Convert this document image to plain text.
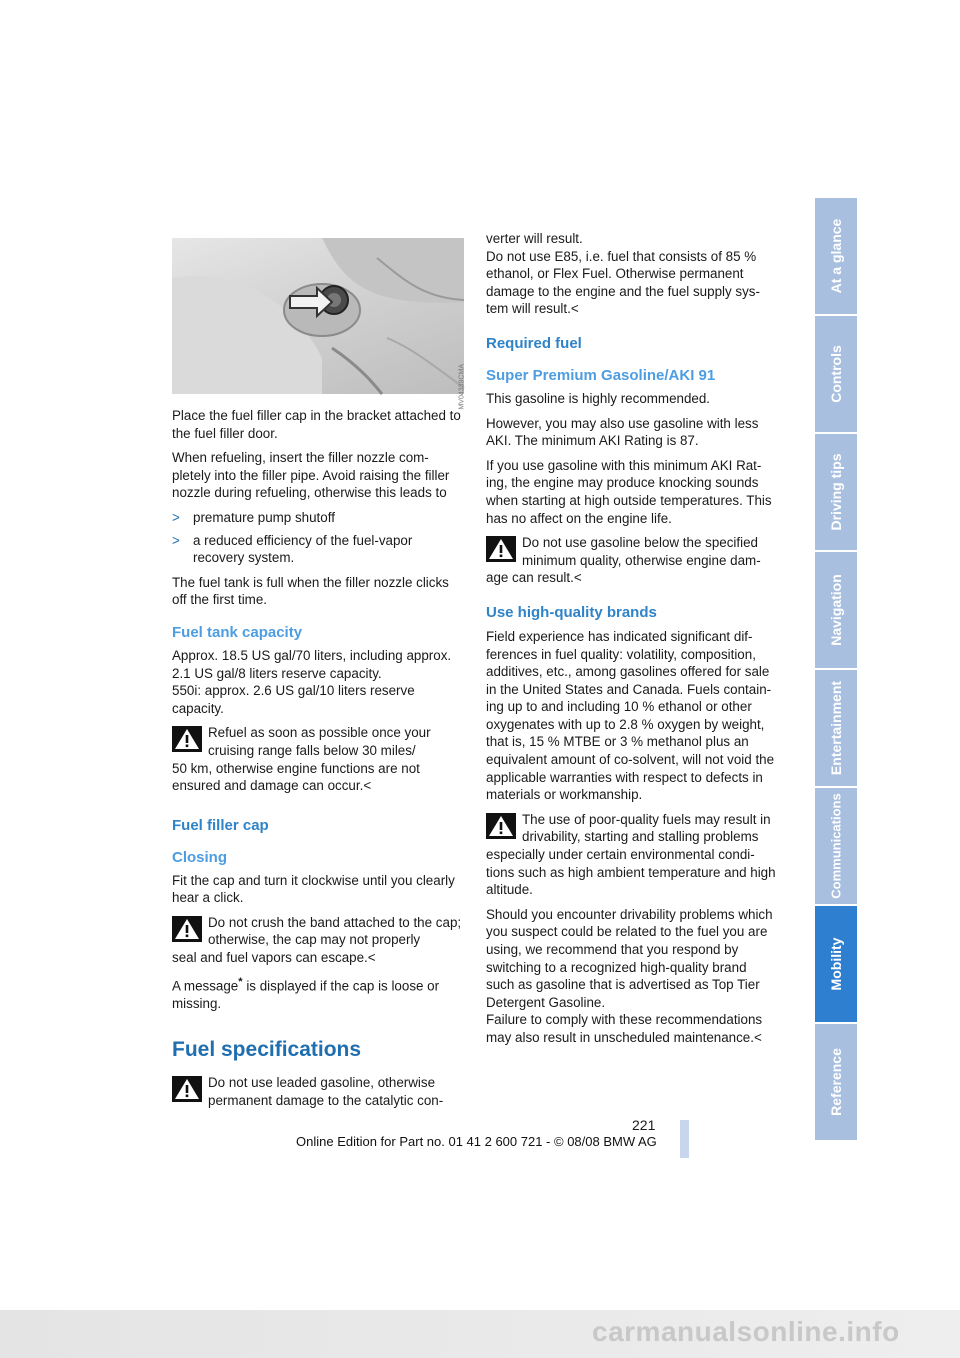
MV04339CMA

Place the fuel filler cap in the bracket attached to the fuel filler door.

When refueling, insert the filler nozzle com-pletely into the filler pipe. Avoid raising the filler nozzle during refueling, otherwise this leads to

> premature pump shutoff
> a reduced efficiency of the fuel-vapor recovery system.

The fuel tank is full when the filler nozzle clicks off the first time.

Fuel tank capacity

Approx. 18.5 US gal/70 liters, including approx. 2.1 US gal/8 liters reserve capacity.

550i: approx. 2.6 US gal/10 liters reserve capacity.

Refuel as soon as possible once your cruising range falls below 30 miles/
50 km, otherwise engine functions are not ensured and damage can occur.<

Fuel filler cap
Closing

Fit the cap and turn it clockwise until you clearly hear a click.

Do not crush the band attached to the cap; otherwise, the cap may not properly
seal and fuel vapors can escape.<

A message* is displayed if the cap is loose or missing.

Fuel specifications

Do not use leaded gasoline, otherwise permanent damage to the catalytic con-

verter will result.

Do not use E85, i.e. fuel that consists of 85 % ethanol, or Flex Fuel. Otherwise permanent damage to the engine and the fuel supply sys-tem will result.<

Required fuel
Super Premium Gasoline/AKI 91

This gasoline is highly recommended.

However, you may also use gasoline with less AKI. The minimum AKI Rating is 87.

If you use gasoline with this minimum AKI Rat-ing, the engine may produce knocking sounds when starting at high outside temperatures. This has no affect on the engine life.

Do not use gasoline below the specified minimum quality, otherwise engine dam-
age can result.<

Use high-quality brands

Field experience has indicated significant dif-ferences in fuel quality: volatility, composition, additives, etc., among gasolines offered for sale in the United States and Canada. Fuels contain-ing up to and including 10 % ethanol or other oxygenates with up to 2.8 % oxygen by weight, that is, 15 % MTBE or 3 % methanol plus an equivalent amount of co-solvent, will not void the applicable warranties with respect to defects in materials or workmanship.

The use of poor-quality fuels may result in drivability, starting and stalling problems
especially under certain environmental condi-tions such as high ambient temperature and high altitude.

Should you encounter drivability problems which you suspect could be related to the fuel you are using, we recommend that you respond by switching to a recognized high-quality brand such as gasoline that is advertised as Top Tier Detergent Gasoline.

Failure to comply with these recommendations may also result in unscheduled maintenance.<

At a glance
Controls
Driving tips
Navigation
Entertainment
Communications
Mobility
Reference
221
Online Edition for Part no. 01 41 2 600 721 - © 08/08 BMW AG
carmanualsonline.info
